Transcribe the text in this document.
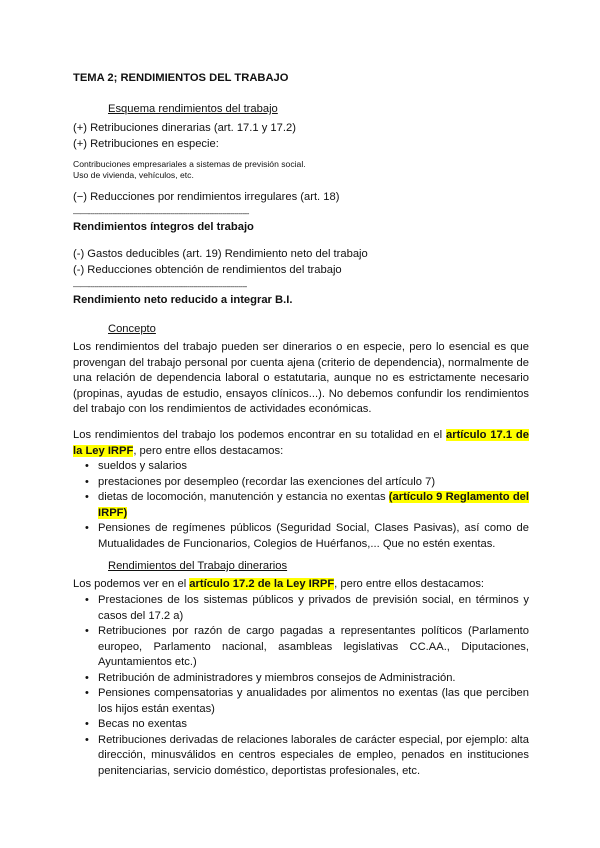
TEMA 2; RENDIMIENTOS DEL TRABAJO
Esquema rendimientos del trabajo
(+) Retribuciones dinerarias (art. 17.1 y 17.2)
(+) Retribuciones en especie:
Contribuciones empresariales a sistemas de previsión social.
Uso de vivienda, vehículos, etc.
(−) Reducciones por rendimientos irregulares (art. 18)
——------------------------------------------------------------------------------
Rendimientos íntegros del trabajo
(-) Gastos deducibles (art. 19) Rendimiento neto del trabajo
(-) Reducciones obtención de rendimientos del trabajo
——-----------------------------------------------------------------------------
Rendimiento neto reducido a integrar B.I.
Concepto
Los rendimientos del trabajo pueden ser dinerarios o en especie, pero lo esencial es que provengan del trabajo personal por cuenta ajena (criterio de dependencia), normalmente de una relación de dependencia laboral o estatutaria, aunque no es estrictamente necesario (propinas, ayudas de estudio, ensayos clínicos...). No debemos confundir los rendimientos del trabajo con los rendimientos de actividades económicas.
Los rendimientos del trabajo los podemos encontrar en su totalidad en el artículo 17.1 de la Ley IRPF, pero entre ellos destacamos:
• sueldos y salarios
• prestaciones por desempleo (recordar las exenciones del artículo 7)
• dietas de locomoción, manutención y estancia no exentas (artículo 9 Reglamento del IRPF)
• Pensiones de regímenes públicos (Seguridad Social, Clases Pasivas), así como de Mutualidades de Funcionarios, Colegios de Huérfanos,... Que no estén exentas.
Rendimientos del Trabajo dinerarios
Los podemos ver en el artículo 17.2 de la Ley IRPF, pero entre ellos destacamos:
• Prestaciones de los sistemas públicos y privados de previsión social, en términos y casos del 17.2 a)
• Retribuciones por razón de cargo pagadas a representantes políticos (Parlamento europeo, Parlamento nacional, asambleas legislativas CC.AA., Diputaciones, Ayuntamientos etc.)
• Retribución de administradores y miembros consejos de Administración.
• Pensiones compensatorias y anualidades por alimentos no exentas (las que perciben los hijos están exentas)
• Becas no exentas
• Retribuciones derivadas de relaciones laborales de carácter especial, por ejemplo: alta dirección, minusválidos en centros especiales de empleo, penados en instituciones penitenciarias, servicio doméstico, deportistas profesionales, etc.
